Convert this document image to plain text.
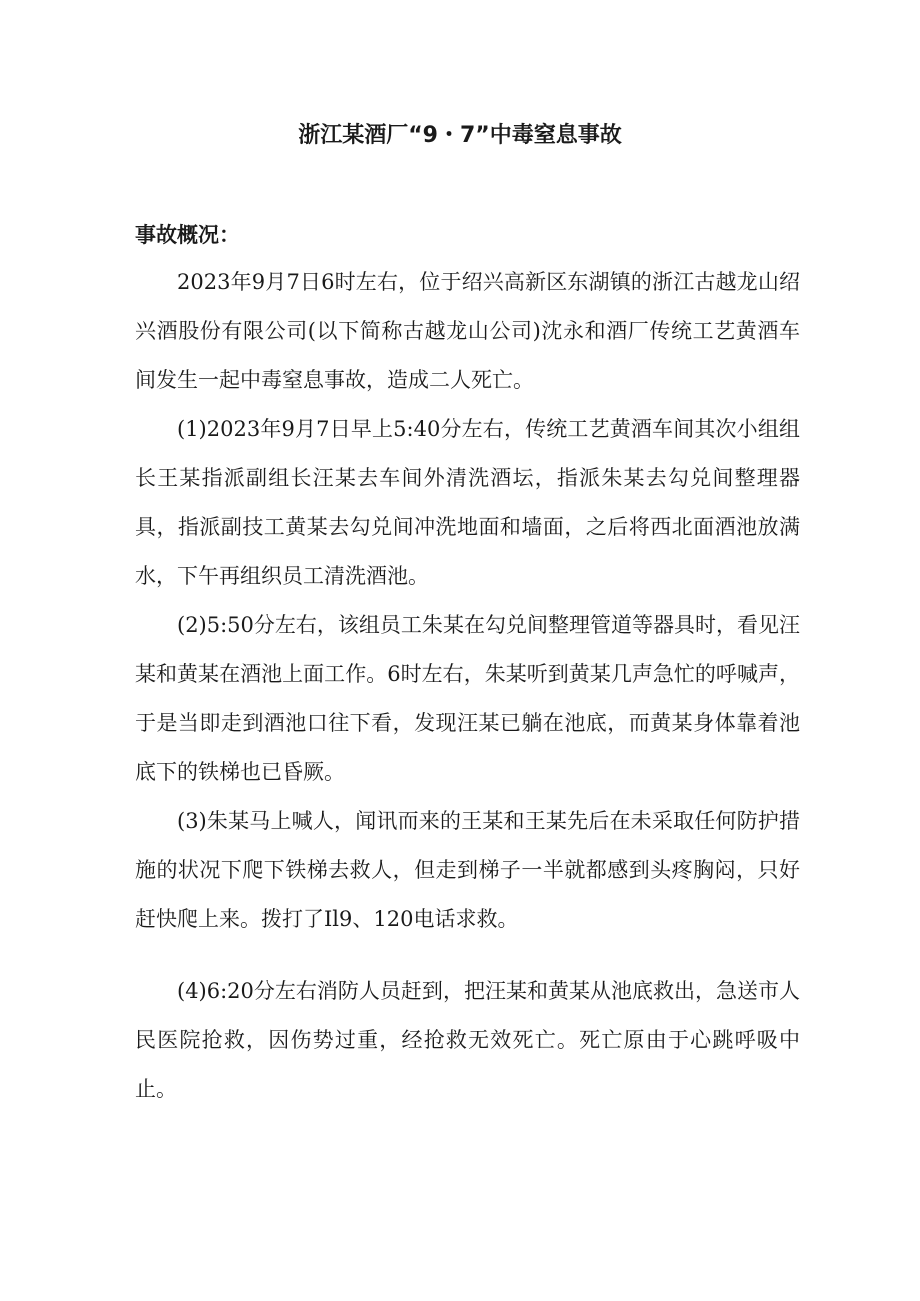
浙江某酒厂“9・7”中毒窒息事故
事故概况：

2023年9月7日6时左右，位于绍兴高新区东湖镇的浙江古越龙山绍兴酒股份有限公司(以下简称古越龙山公司)沈永和酒厂传统工艺黄酒车间发生一起中毒窒息事故，造成二人死亡。

(1)2023年9月7日早上5:40分左右，传统工艺黄酒车间其次小组组长王某指派副组长汪某去车间外清洗酒坛，指派朱某去勾兑间整理器具，指派副技工黄某去勾兑间冲洗地面和墙面，之后将西北面酒池放满水，下午再组织员工清洗酒池。

(2)5:50分左右，该组员工朱某在勾兑间整理管道等器具时，看见汪某和黄某在酒池上面工作。6时左右，朱某听到黄某几声急忙的呼喊声，于是当即走到酒池口往下看，发现汪某已躺在池底，而黄某身体靠着池底下的铁梯也已昏厥。

(3)朱某马上喊人，闻讯而来的王某和王某先后在未采取任何防护措施的状况下爬下铁梯去救人，但走到梯子一半就都感到头疼胸闷，只好赶快爬上来。拨打了Il9、120电话求救。

(4)6:20分左右消防人员赶到，把汪某和黄某从池底救出，急送市人民医院抢救，因伤势过重，经抢救无效死亡。死亡原由于心跳呼吸中止。
